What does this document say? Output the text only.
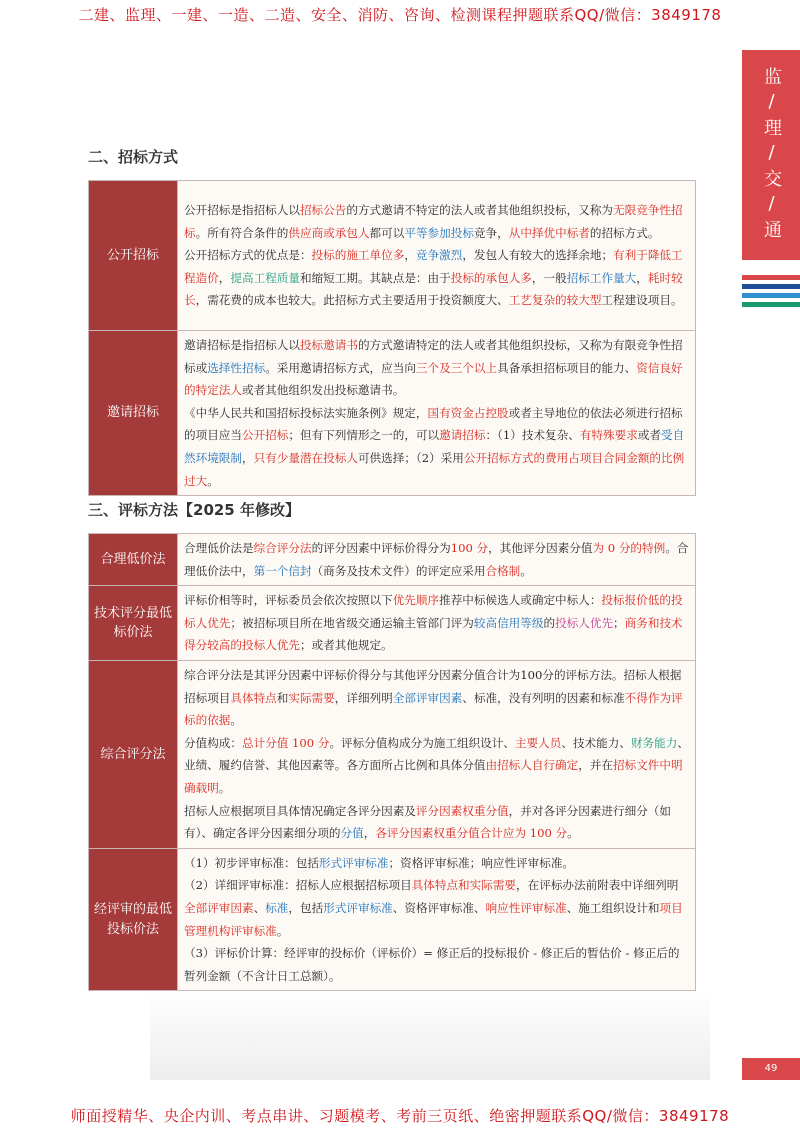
二建、监理、一建、一造、二造、安全、消防、咨询、检测课程押题联系QQ/微信：3849178
监/理/交/通
二、招标方式
公开招标	公开招标是指招标人以招标公告的方式邀请不特定的法人或者其他组织投标，又称为无限竞争性招标。所有符合条件的供应商或承包人都可以平等参加投标竞争，从中择优中标者的招标方式。
公开招标方式的优点是：投标的施工单位多，竞争激烈，发包人有较大的选择余地；有利于降低工程造价，提高工程质量和缩短工期。其缺点是：由于投标的承包人多，一般招标工作量大，耗时较长，需花费的成本也较大。此招标方式主要适用于投资额度大、工艺复杂的较大型工程建设项目。

邀请招标	邀请招标是指招标人以投标邀请书的方式邀请特定的法人或者其他组织投标，又称为有限竞争性招标或选择性招标。采用邀请招标方式，应当向三个及三个以上具备承担招标项目的能力、资信良好的特定法人或者其他组织发出投标邀请书。
《中华人民共和国招标投标法实施条例》规定，国有资金占控股或者主导地位的依法必须进行招标的项目应当公开招标；但有下列情形之一的，可以邀请招标：（1）技术复杂、有特殊要求或者受自然环境限制，只有少量潜在投标人可供选择；（2）采用公开招标方式的费用占项目合同金额的比例过大。
三、评标方法【2025 年修改】
合理低价法	合理低价法是综合评分法的评分因素中评标价得分为100 分，其他评分因素分值为 0 分的特例。合理低价法中，第一个信封（商务及技术文件）的评定应采用合格制。

技术评分最低标价法	评标价相等时，评标委员会依次按照以下优先顺序推荐中标候选人或确定中标人：投标报价低的投标人优先；被招标项目所在地省级交通运输主管部门评为较高信用等级的投标人优先；商务和技术得分较高的投标人优先；或者其他规定。

综合评分法	综合评分法是其评分因素中评标价得分与其他评分因素分值合计为100分的评标方法。招标人根据招标项目具体特点和实际需要，详细列明全部评审因素、标准，没有列明的因素和标准不得作为评标的依据。
分值构成：总计分值 100 分。评标分值构成分为施工组织设计、主要人员、技术能力、财务能力、业绩、履约信誉、其他因素等。各方面所占比例和具体分值由招标人自行确定，并在招标文件中明确载明。
招标人应根据项目具体情况确定各评分因素及评分因素权重分值，并对各评分因素进行细分（如有）、确定各评分因素细分项的分值，各评分因素权重分值合计应为 100 分。

经评审的最低投标价法	（1）初步评审标准：包括形式评审标准；资格评审标准；响应性评审标准。
（2）详细评审标准：招标人应根据招标项目具体特点和实际需要，在评标办法前附表中详细列明全部评审因素、标准，包括形式评审标准、资格评审标准、响应性评审标准、施工组织设计和项目管理机构评审标准。
（3）评标价计算：经评审的投标价（评标价）= 修正后的投标报价 - 修正后的暂估价 - 修正后的暂列金额（不含计日工总额）。
49
师面授精华、央企内训、考点串讲、习题模考、考前三页纸、绝密押题联系QQ/微信：3849178
